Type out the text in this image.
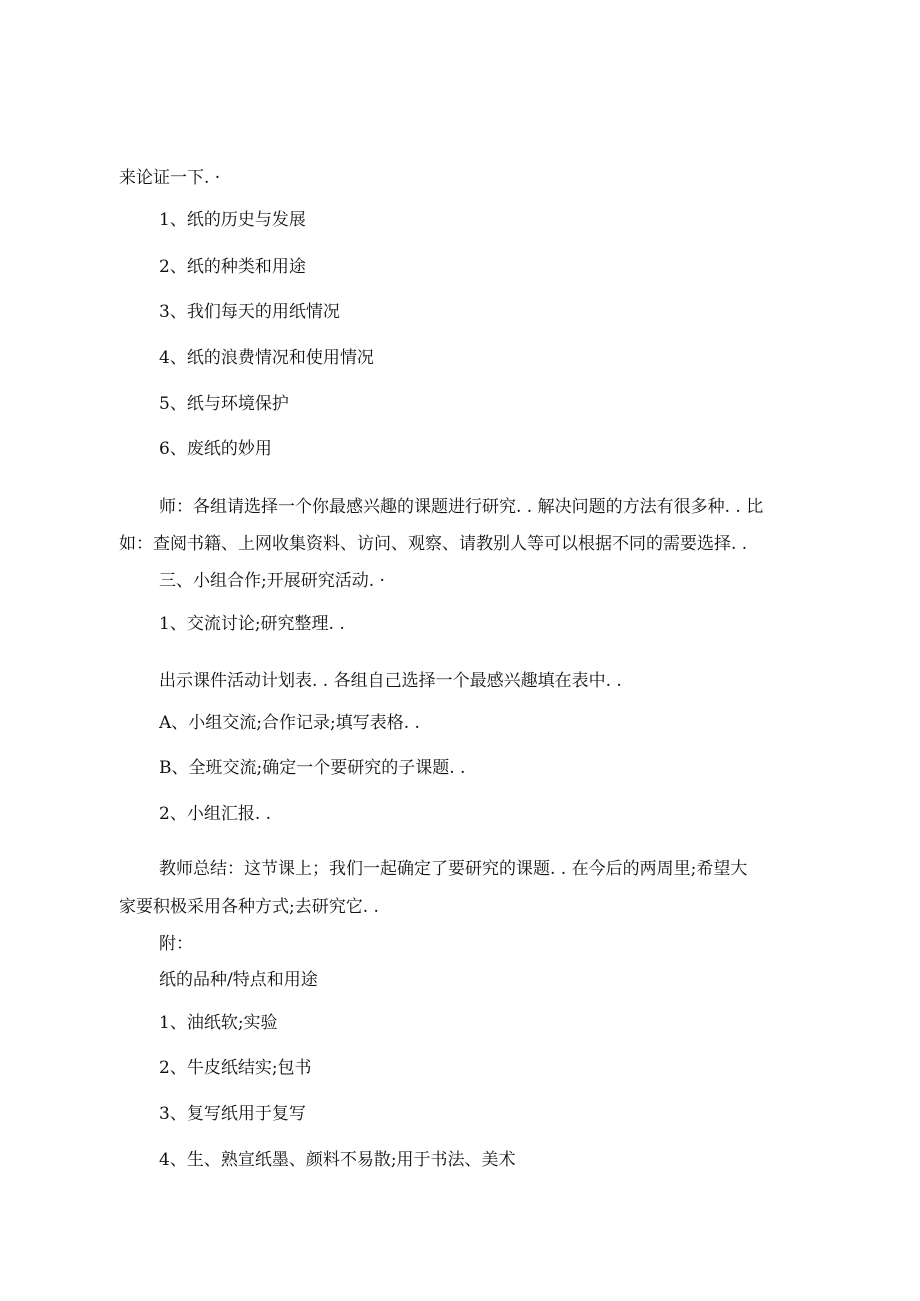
来论证一下. ·
1、纸的历史与发展
2、纸的种类和用途
3、我们每天的用纸情况
4、纸的浪费情况和使用情况
5、纸与环境保护
6、废纸的妙用
师：各组请选择一个你最感兴趣的课题进行研究. . 解决问题的方法有很多种. . 比
如：查阅书籍、上网收集资料、访问、观察、请教别人等可以根据不同的需要选择. .
三、小组合作;开展研究活动. ·
1、交流讨论;研究整理. .
出示课件活动计划表. . 各组自己选择一个最感兴趣填在表中. .
A、小组交流;合作记录;填写表格. .
B、全班交流;确定一个要研究的子课题. .
2、小组汇报. .
教师总结：这节课上；我们一起确定了要研究的课题. . 在今后的两周里;希望大
家要积极采用各种方式;去研究它. .
附：
纸的品种/特点和用途
1、油纸软;实验
2、牛皮纸结实;包书
3、复写纸用于复写
4、生、熟宣纸墨、颜料不易散;用于书法、美术
